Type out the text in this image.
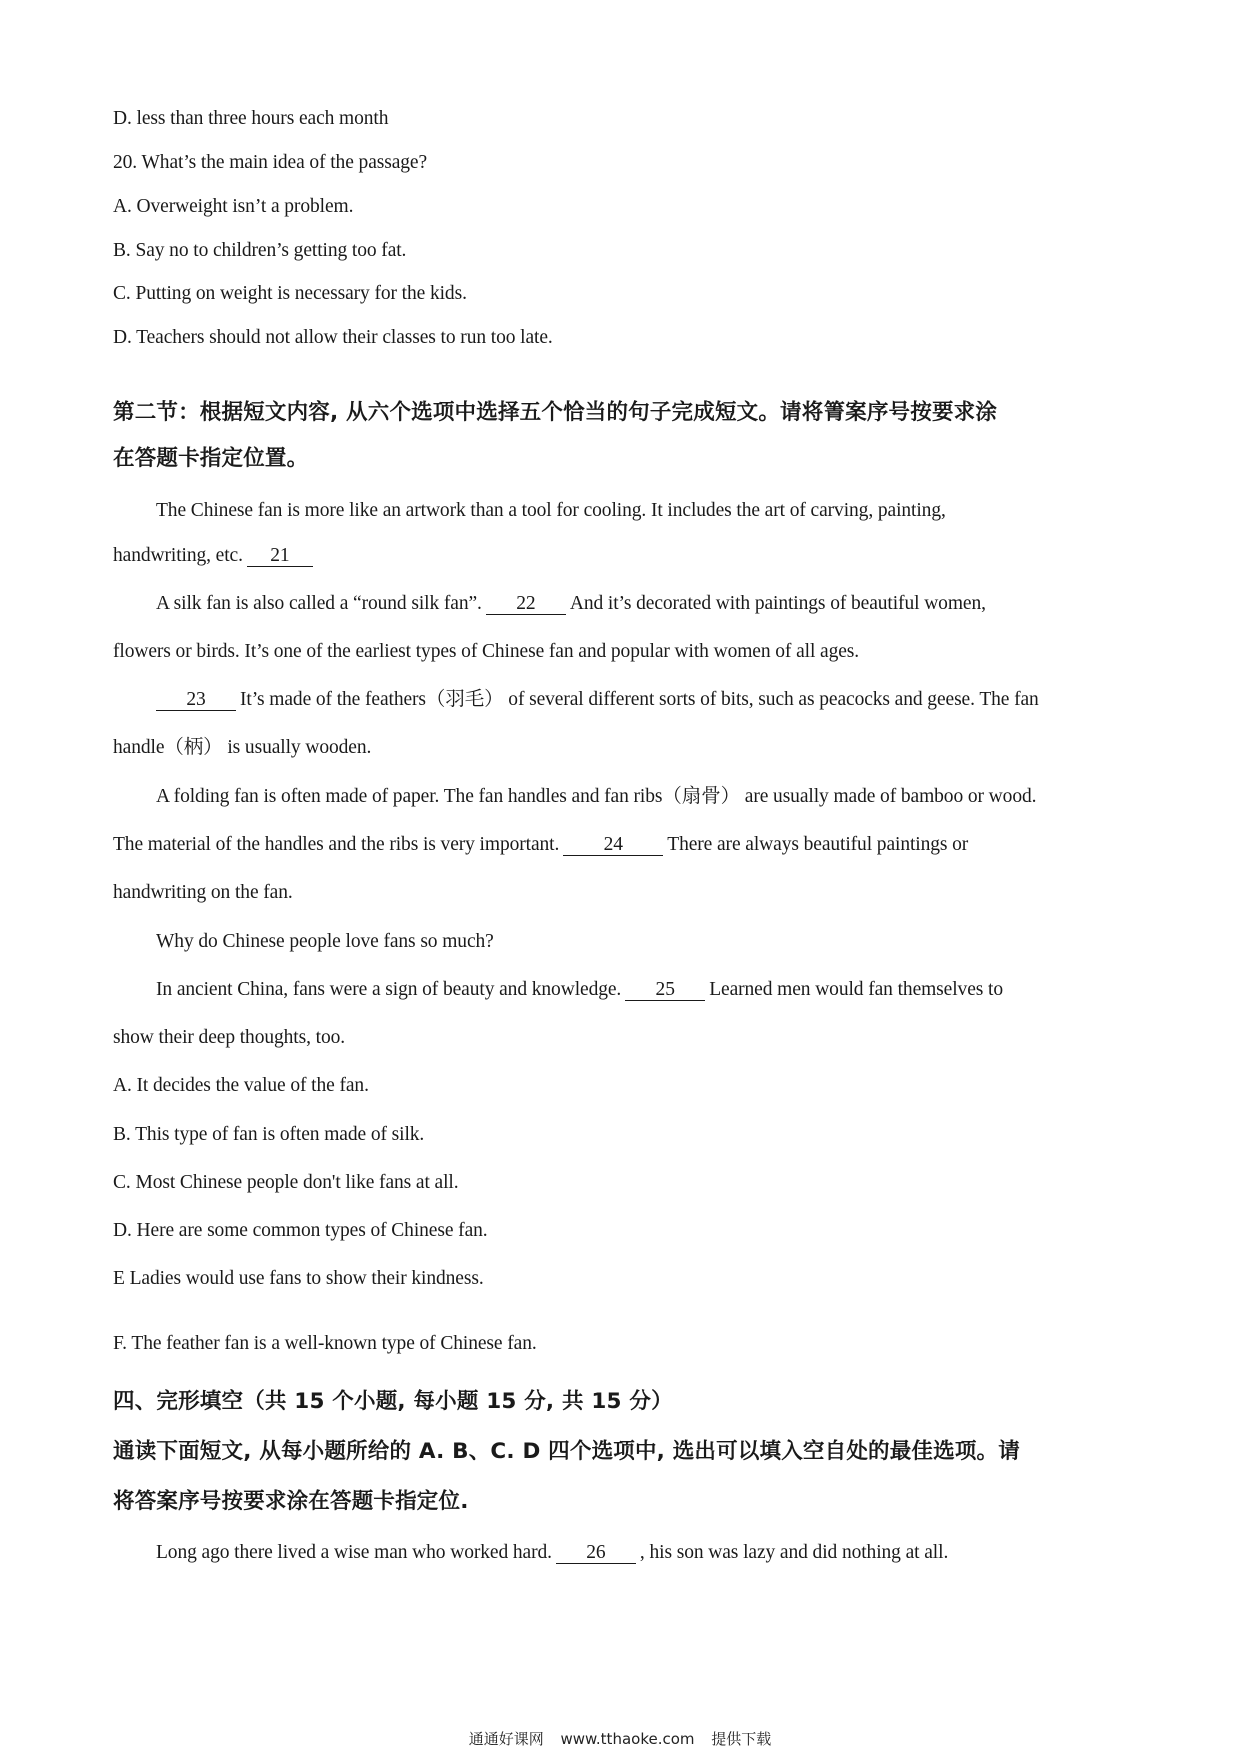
D. less than three hours each month
20. What’s the main idea of the passage?
A. Overweight isn’t a problem.
B. Say no to children’s getting too fat.
C. Putting on weight is necessary for the kids.
D. Teachers should not allow their classes to run too late.
第二节：根据短文内容, 从六个选项中选择五个恰当的句子完成短文。请将箐案序号按要求涂
在答题卡指定位置。
The Chinese fan is more like an artwork than a tool for cooling. It includes the art of carving, painting,
handwriting, etc. 21
A silk fan is also called a “round silk fan”. 22 And it’s decorated with paintings of beautiful women,
flowers or birds. It’s one of the earliest types of Chinese fan and popular with women of all ages.
23 It’s made of the feathers（羽毛） of several different sorts of bits, such as peacocks and geese. The fan
handle（柄） is usually wooden.
A folding fan is often made of paper. The fan handles and fan ribs（扇骨） are usually made of bamboo or wood.
The material of the handles and the ribs is very important. 24 There are always beautiful paintings or
handwriting on the fan.
Why do Chinese people love fans so much?
In ancient China, fans were a sign of beauty and knowledge. 25 Learned men would fan themselves to
show their deep thoughts, too.
A. It decides the value of the fan.
B. This type of fan is often made of silk.
C. Most Chinese people don't like fans at all.
D. Here are some common types of Chinese fan.
E Ladies would use fans to show their kindness.
F. The feather fan is a well-known type of Chinese fan.
四、完形填空（共 15 个小题, 每小题 15 分, 共 15 分）
通读下面短文, 从每小题所给的 A. B、C. D 四个选项中, 选出可以填入空自处的最佳选项。请
将答案序号按要求涂在答题卡指定位.
Long ago there lived a wise man who worked hard. 26 , his son was lazy and did nothing at all.
通通好课网 www.tthaoke.com 提供下载
